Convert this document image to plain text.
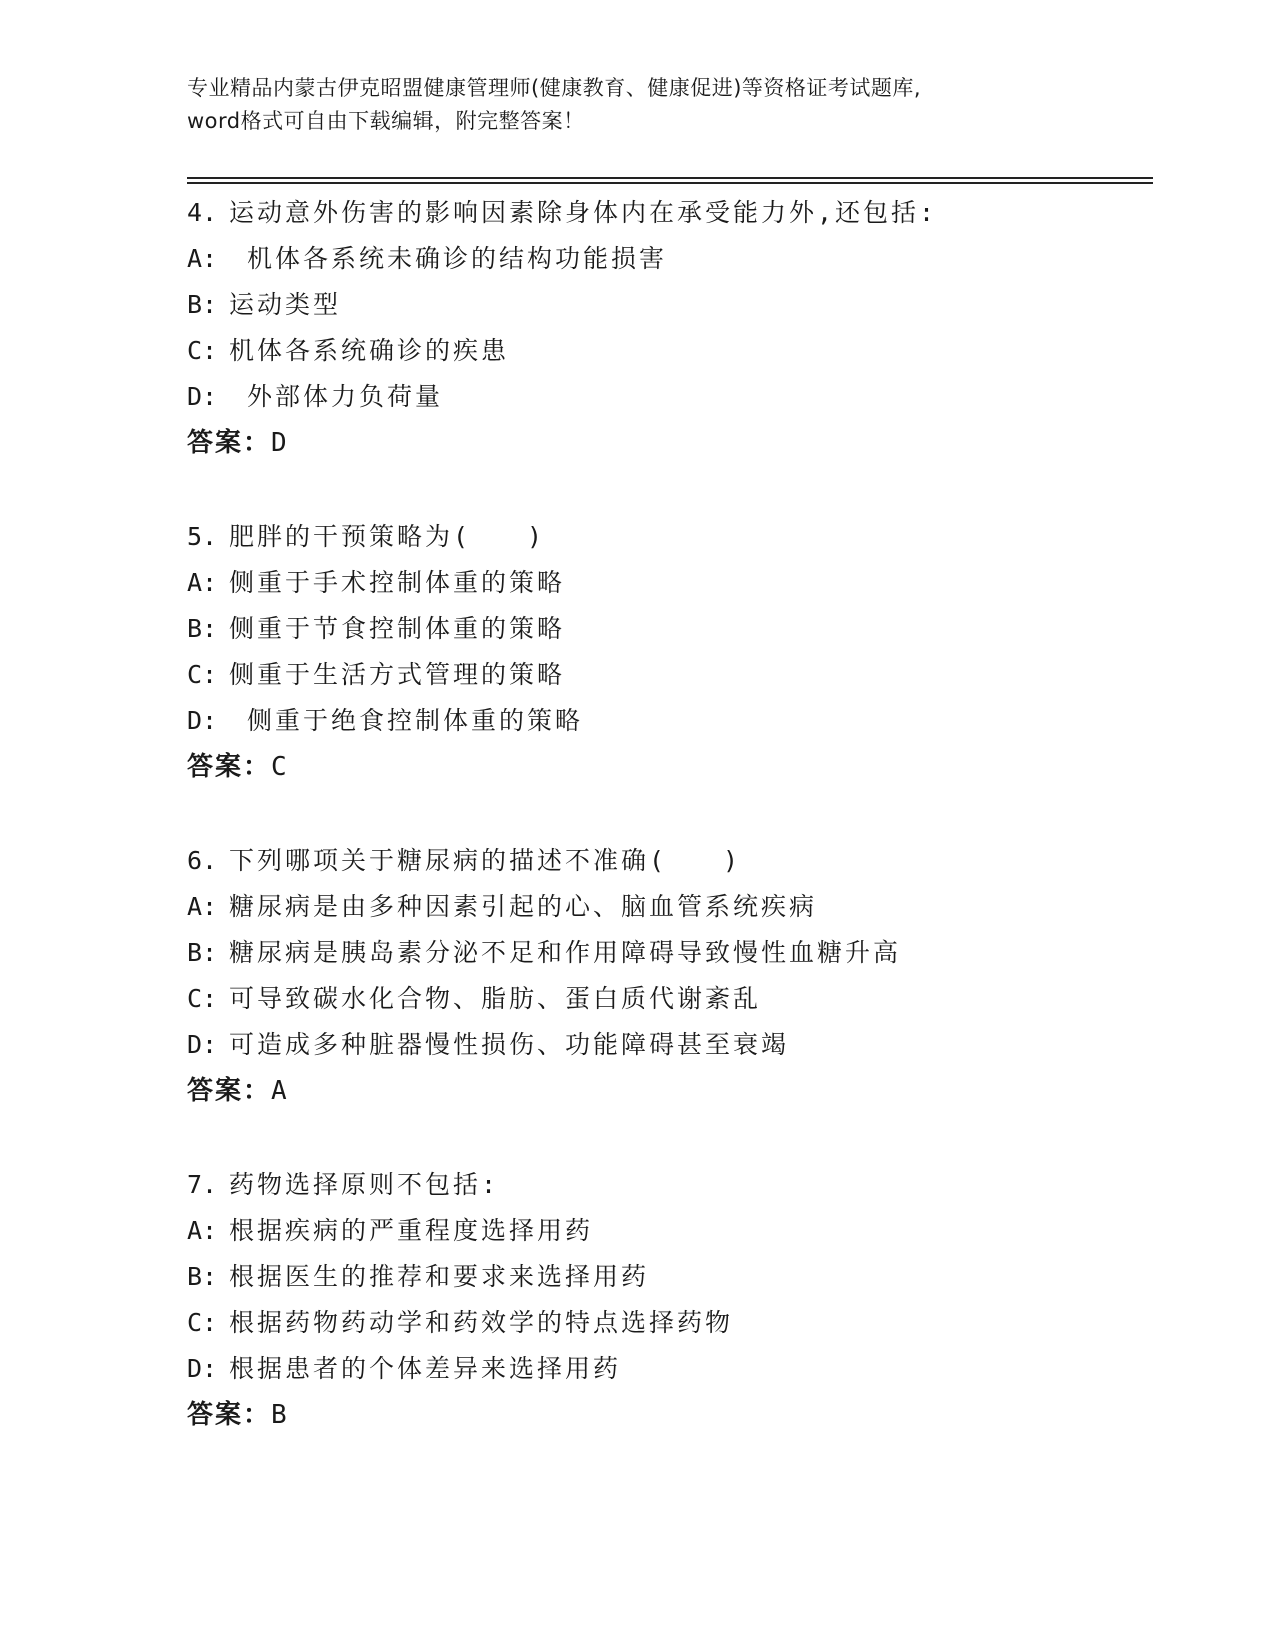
专业精品内蒙古伊克昭盟健康管理师(健康教育、健康促进)等资格证考试题库,
word格式可自由下载编辑，附完整答案！
4. 运动意外伤害的影响因素除身体内在承受能力外,还包括:
A: 机体各系统未确诊的结构功能损害
B: 运动类型
C: 机体各系统确诊的疾患
D: 外部体力负荷量
答案：D
5. 肥胖的干预策略为(　　)
A: 侧重于手术控制体重的策略
B: 侧重于节食控制体重的策略
C: 侧重于生活方式管理的策略
D: 侧重于绝食控制体重的策略
答案：C
6. 下列哪项关于糖尿病的描述不准确(　　)
A: 糖尿病是由多种因素引起的心、脑血管系统疾病
B: 糖尿病是胰岛素分泌不足和作用障碍导致慢性血糖升高
C: 可导致碳水化合物、脂肪、蛋白质代谢紊乱
D: 可造成多种脏器慢性损伤、功能障碍甚至衰竭
答案：A
7. 药物选择原则不包括:
A: 根据疾病的严重程度选择用药
B: 根据医生的推荐和要求来选择用药
C: 根据药物药动学和药效学的特点选择药物
D: 根据患者的个体差异来选择用药
答案：B
